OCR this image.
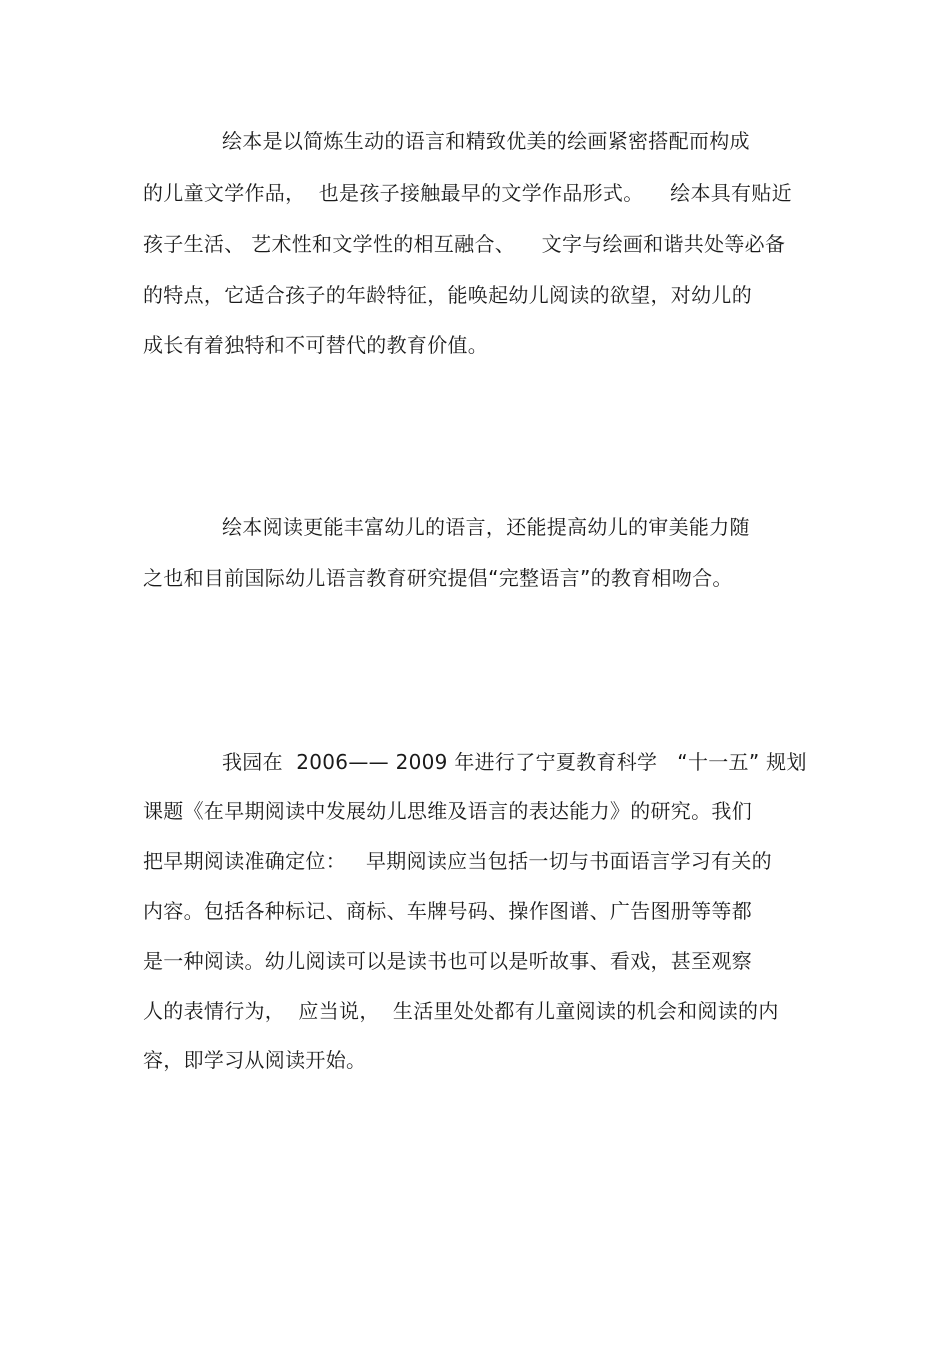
绘本是以简炼生动的语言和精致优美的绘画紧密搭配而构成
的儿童文学作品，  也是孩子接触最早的文学作品形式。    绘本具有贴近
孩子生活、 艺术性和文学性的相互融合、    文字与绘画和谐共处等必备
的特点，它适合孩子的年龄特征，能唤起幼儿阅读的欲望，对幼儿的
成长有着独特和不可替代的教育价值。
绘本阅读更能丰富幼儿的语言，还能提高幼儿的审美能力随
之也和目前国际幼儿语言教育研究提倡“完整语言”的教育相吻合。
我园在  2006—— 2009 年进行了宁夏教育科学   “十一五” 规划
课题《在早期阅读中发展幼儿思维及语言的表达能力》的研究。我们
把早期阅读准确定位：   早期阅读应当包括一切与书面语言学习有关的
内容。包括各种标记、商标、车牌号码、操作图谱、广告图册等等都
是一种阅读。幼儿阅读可以是读书也可以是听故事、看戏，甚至观察
人的表情行为，  应当说，  生活里处处都有儿童阅读的机会和阅读的内
容，即学习从阅读开始。
